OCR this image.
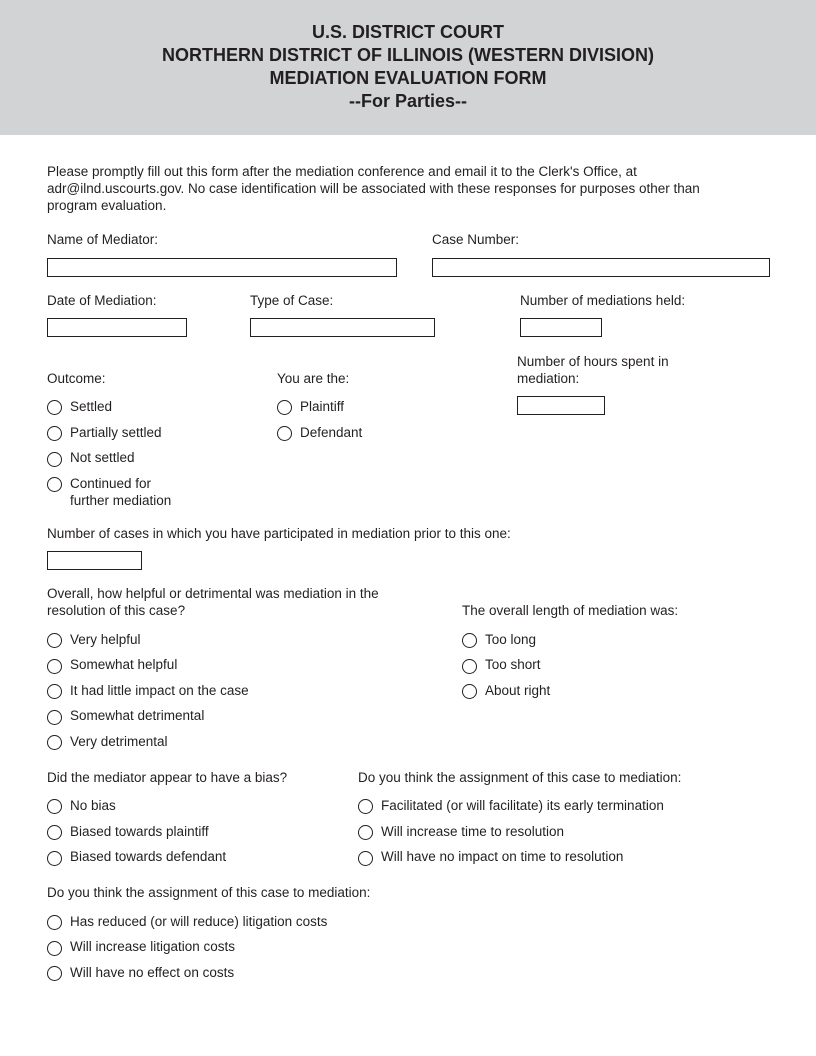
U.S. DISTRICT COURT
NORTHERN DISTRICT OF ILLINOIS (WESTERN DIVISION)
MEDIATION EVALUATION FORM
--For Parties--
Please promptly fill out this form after the mediation conference and email it to the Clerk's Office, at
adr@ilnd.uscourts.gov. No case identification will be associated with these responses for purposes other than
program evaluation.
Name of Mediator:	Case Number:
Date of Mediation:	Type of Case:	Number of mediations held:
Outcome:
Settled
Partially settled
Not settled
Continued for
further mediation
You are the:
Plaintiff
Defendant
Number of hours spent in
mediation:
Number of cases in which you have participated in mediation prior to this one:
Overall, how helpful or detrimental was mediation in the
resolution of this case?
Very helpful
Somewhat helpful
It had little impact on the case
Somewhat detrimental
Very detrimental
The overall length of mediation was:
Too long
Too short
About right
Did the mediator appear to have a bias?
No bias
Biased towards plaintiff
Biased towards defendant
Do you think the assignment of this case to mediation:
Facilitated (or will facilitate) its early termination
Will increase time to resolution
Will have no impact on time to resolution
Do you think the assignment of this case to mediation:
Has reduced (or will reduce) litigation costs
Will increase litigation costs
Will have no effect on costs
